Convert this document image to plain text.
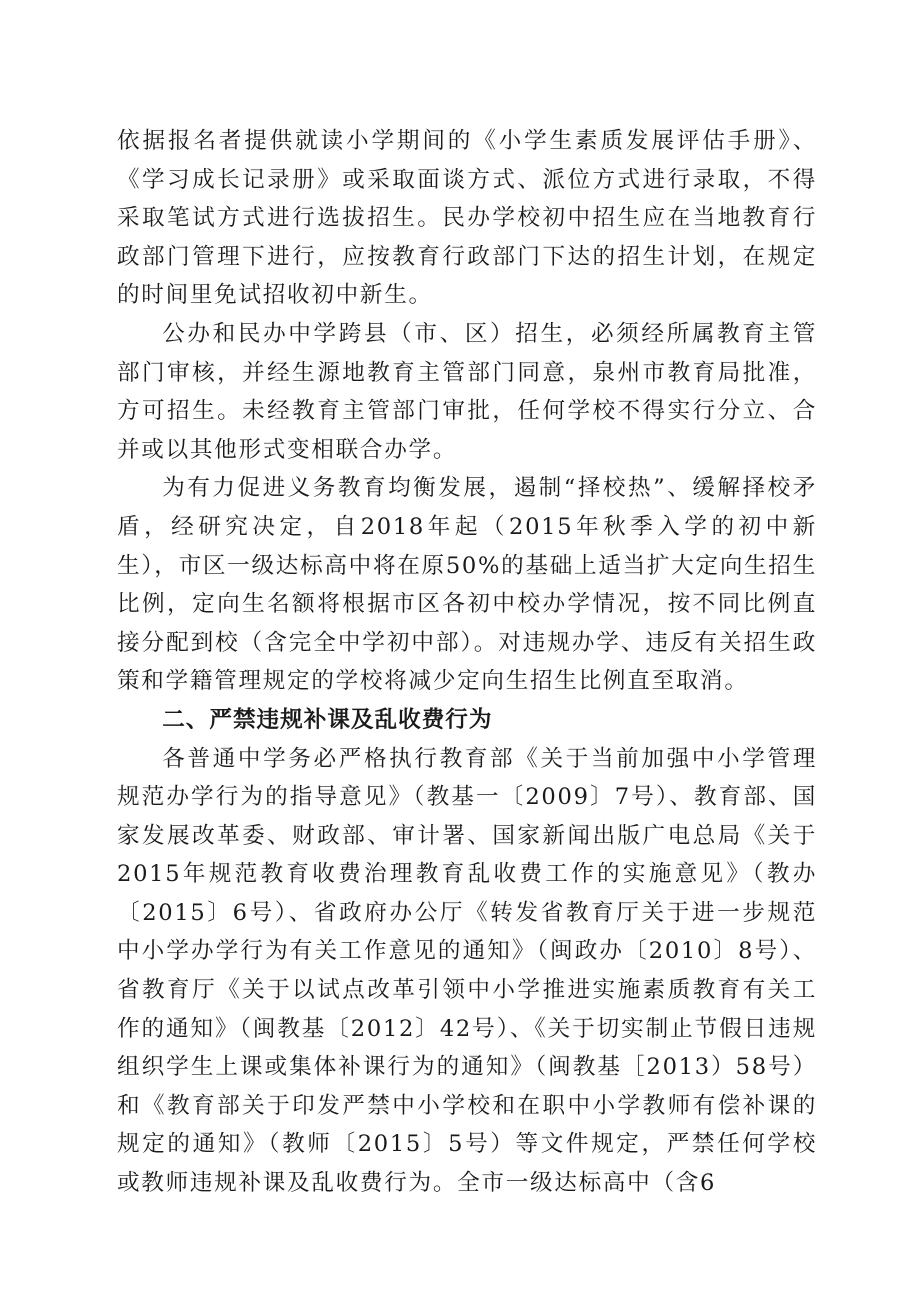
依据报名者提供就读小学期间的《小学生素质发展评估手册》、《学习成长记录册》或采取面谈方式、派位方式进行录取，不得采取笔试方式进行选拔招生。民办学校初中招生应在当地教育行政部门管理下进行，应按教育行政部门下达的招生计划，在规定的时间里免试招收初中新生。

公办和民办中学跨县（市、区）招生，必须经所属教育主管部门审核，并经生源地教育主管部门同意，泉州市教育局批准，方可招生。未经教育主管部门审批，任何学校不得实行分立、合并或以其他形式变相联合办学。

为有力促进义务教育均衡发展，遏制“择校热”、缓解择校矛盾，经研究决定，自2018年起（2015年秋季入学的初中新生），市区一级达标高中将在原50%的基础上适当扩大定向生招生比例，定向生名额将根据市区各初中校办学情况，按不同比例直接分配到校（含完全中学初中部）。对违规办学、违反有关招生政策和学籍管理规定的学校将减少定向生招生比例直至取消。

二、严禁违规补课及乱收费行为

各普通中学务必严格执行教育部《关于当前加强中小学管理规范办学行为的指导意见》（教基一〔2009〕7号）、教育部、国家发展改革委、财政部、审计署、国家新闻出版广电总局《关于2015年规范教育收费治理教育乱收费工作的实施意见》（教办〔2015〕6号）、省政府办公厅《转发省教育厅关于进一步规范中小学办学行为有关工作意见的通知》（闽政办〔2010〕8号）、省教育厅《关于以试点改革引领中小学推进实施素质教育有关工作的通知》（闽教基〔2012〕42号）、《关于切实制止节假日违规组织学生上课或集体补课行为的通知》（闽教基［2013）58号）和《教育部关于印发严禁中小学校和在职中小学教师有偿补课的规定的通知》（教师〔2015〕5号）等文件规定，严禁任何学校或教师违规补课及乱收费行为。全市一级达标高中（含6
